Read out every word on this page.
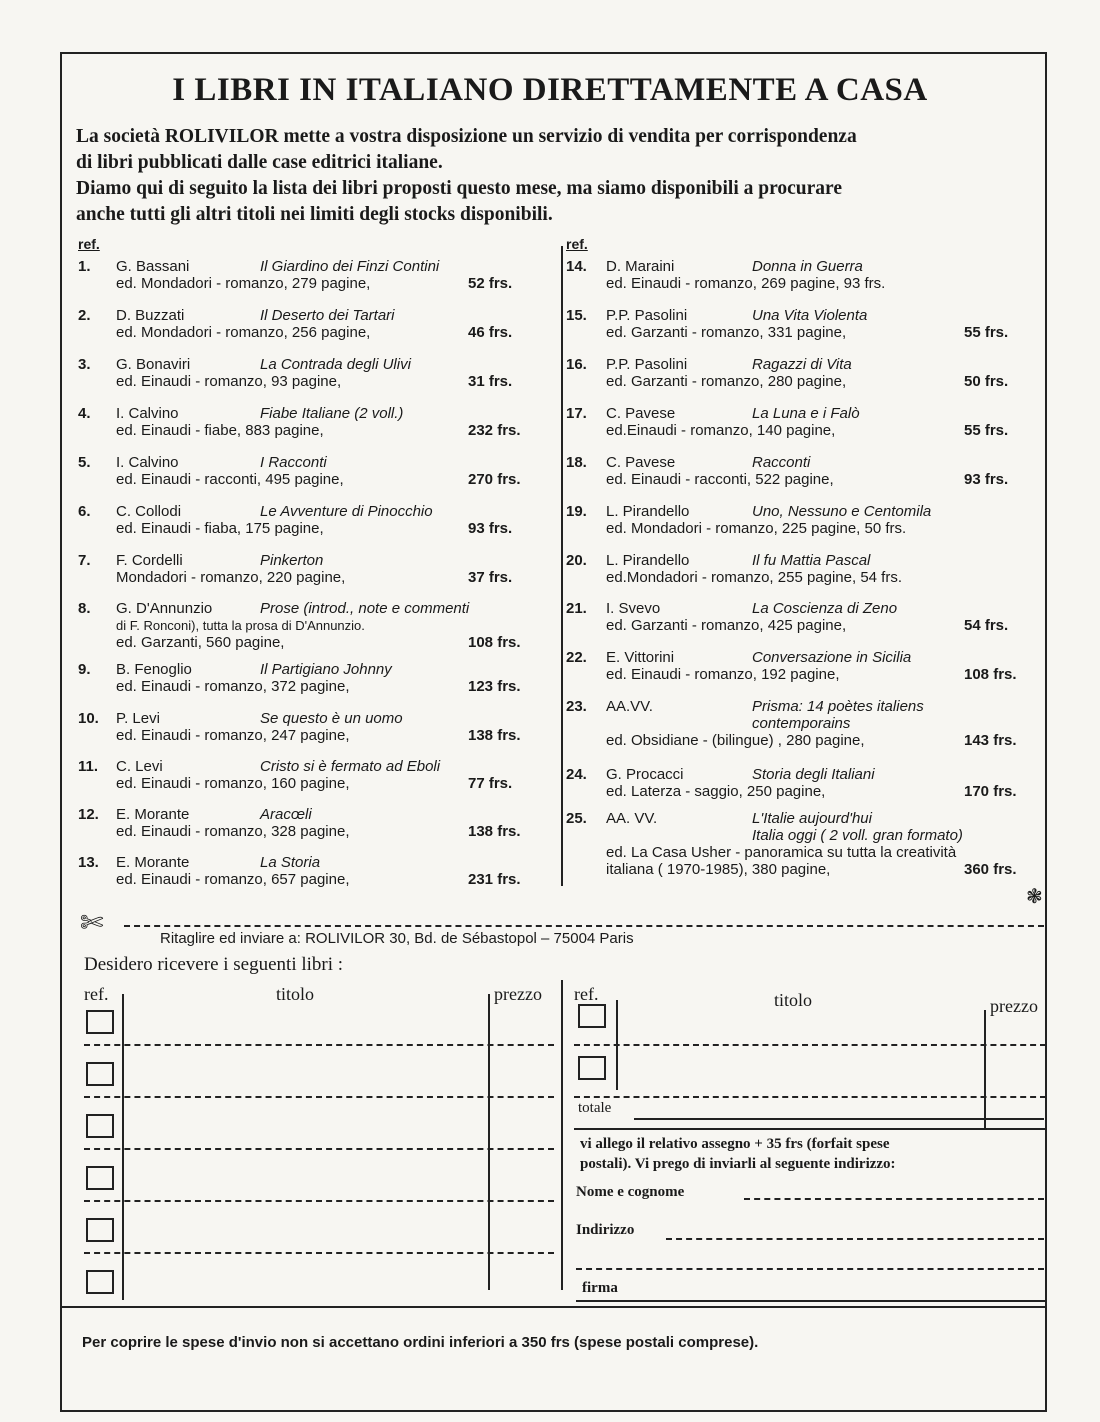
I LIBRI IN ITALIANO DIRETTAMENTE A CASA
La società ROLIVILOR mette a vostra disposizione un servizio di vendita per corrispondenza
di libri pubblicati dalle case editrici italiane.
Diamo qui di seguito la lista dei libri proposti questo mese, ma siamo disponibili a procurare
anche tutti gli altri titoli nei limiti degli stocks disponibili.
ref.
1. G. Bassani	Il Giardino dei Finzi Contini
ed. Mondadori - romanzo, 279 pagine,	52 frs.
2. D. Buzzati	Il Deserto dei Tartari
ed. Mondadori - romanzo, 256 pagine,	46 frs.
3. G. Bonaviri	La Contrada degli Ulivi
ed. Einaudi - romanzo, 93 pagine,	31 frs.
4. I. Calvino	Fiabe Italiane (2 voll.)
ed. Einaudi - fiabe, 883 pagine,	232 frs.
5. I. Calvino	I Racconti
ed. Einaudi - racconti, 495 pagine,	270 frs.
6. C. Collodi	Le Avventure di Pinocchio
ed. Einaudi - fiaba, 175 pagine,	93 frs.
7. F. Cordelli	Pinkerton
Mondadori - romanzo, 220 pagine,	37 frs.
8. G. D'Annunzio	Prose (introd., note e commenti
di F. Ronconi), tutta la prosa di D'Annunzio.
ed. Garzanti, 560 pagine,	108 frs.
9. B. Fenoglio	Il Partigiano Johnny
ed. Einaudi - romanzo, 372 pagine,	123 frs.
10. P. Levi	Se questo è un uomo
ed. Einaudi - romanzo, 247 pagine,	138 frs.
11. C. Levi	Cristo si è fermato ad Eboli
ed. Einaudi - romanzo, 160 pagine,	77 frs.
12. E. Morante	Aracœli
ed. Einaudi - romanzo, 328 pagine,	138 frs.
13. E. Morante	La Storia
ed. Einaudi - romanzo, 657 pagine,	231 frs.
ref.
14. D. Maraini	Donna in Guerra
ed. Einaudi - romanzo, 269 pagine, 93 frs.
15. P.P. Pasolini	Una Vita Violenta
ed. Garzanti - romanzo, 331 pagine,	55 frs.
16. P.P. Pasolini	Ragazzi di Vita
ed. Garzanti - romanzo, 280 pagine,	50 frs.
17. C. Pavese	La Luna e i Falò
ed.Einaudi - romanzo, 140 pagine,	55 frs.
18. C. Pavese	Racconti
ed. Einaudi - racconti, 522 pagine,	93 frs.
19. L. Pirandello	Uno, Nessuno e Centomila
ed. Mondadori - romanzo, 225 pagine, 50 frs.
20. L. Pirandello	Il fu Mattia Pascal
ed.Mondadori - romanzo, 255 pagine, 54 frs.
21. I. Svevo	La Coscienza di Zeno
ed. Garzanti - romanzo, 425 pagine,	54 frs.
22. E. Vittorini	Conversazione in Sicilia
ed. Einaudi - romanzo, 192 pagine,	108 frs.
23. AA.VV.	Prisma: 14 poètes italiens
contemporains
ed. Obsidiane - (bilingue) , 280 pagine,	143 frs.
24. G. Procacci	Storia degli Italiani
ed. Laterza - saggio, 250 pagine,	170 frs.
25. AA. VV.	L'Italie aujourd'hui
Italia oggi ( 2 voll. gran formato)
ed. La Casa Usher - panoramica su tutta la creatività
italiana ( 1970-1985), 380 pagine,	360 frs.
❃
✄
Ritaglire ed inviare a: ROLIVILOR 30, Bd. de Sébastopol – 75004 Paris
Desidero ricevere i seguenti libri :
ref.	titolo	prezzo ref.	titolo	prezzo
totale
vi allego il relativo assegno + 35 frs (forfait spese
postali). Vi prego di inviarli al seguente indirizzo:
Nome e cognome
Indirizzo
firma
Per coprire le spese d'invio non si accettano ordini inferiori a 350 frs (spese postali comprese).
